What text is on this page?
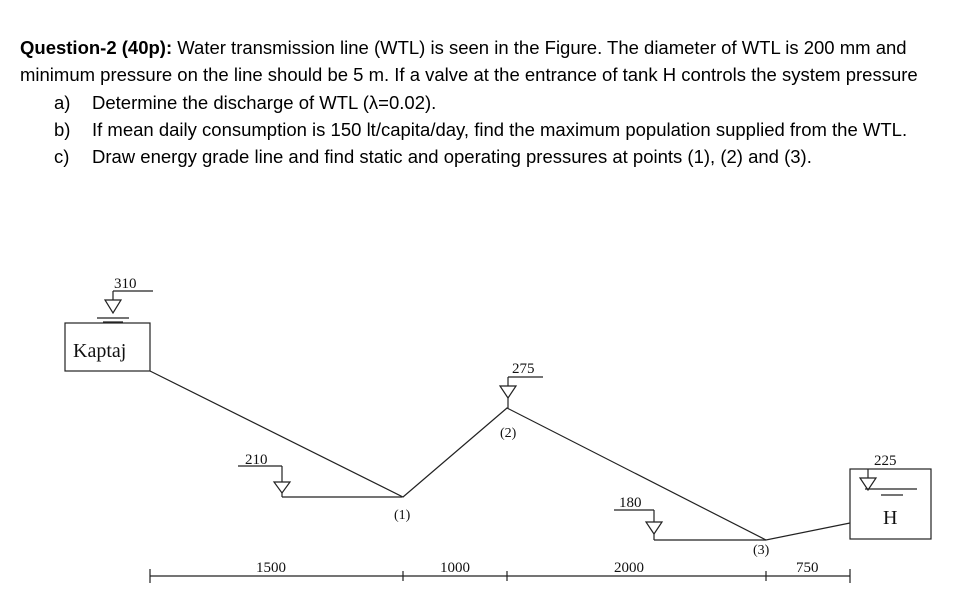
Question-2 (40p): Water transmission line (WTL) is seen in the Figure. The diameter of WTL is 200 mm and minimum pressure on the line should be 5 m. If a valve at the entrance of tank H controls the system pressure

a) Determine the discharge of WTL (λ=0.02).
b) If mean daily consumption is 150 lt/capita/day, find the maximum population supplied from the WTL.
c) Draw energy grade line and find static and operating pressures at points (1), (2) and (3).
310
Kaptaj
210
275
180
(1)
(2)
(3)
225
H
1500	1000	2000	750
